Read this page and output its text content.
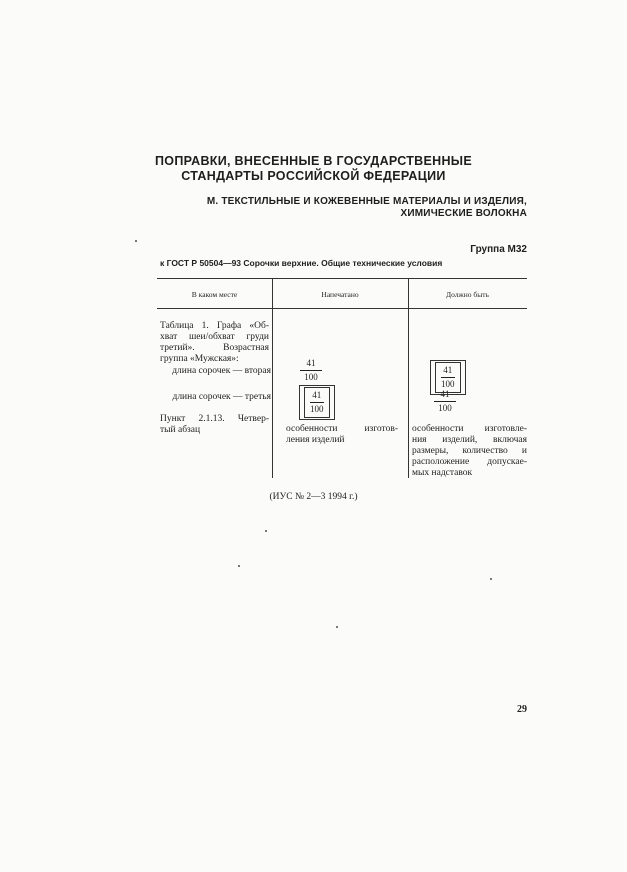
ПОПРАВКИ, ВНЕСЕННЫЕ В ГОСУДАРСТВЕННЫЕ
СТАНДАРТЫ РОССИЙСКОЙ ФЕДЕРАЦИИ
М. ТЕКСТИЛЬНЫЕ И КОЖЕВЕННЫЕ МАТЕРИАЛЫ И ИЗДЕЛИЯ,
ХИМИЧЕСКИЕ ВОЛОКНА
Группа М32
к ГОСТ Р 50504—93 Сорочки верхние. Общие технические условия
В каком месте	Напечатано	Должно быть
Таблица 1. Графа «Об-
хват шеи/обхват груди
третий». Возрастная
группа «Мужская»:
длина сорочек — вторая
длина сорочек — третья
Пункт 2.1.13. Четвер-
тый абзац
41
100
41
100
особенности изготов-
ления изделий
41
100
41
100
особенности изготовле-
ния изделий, включая
размеры, количество и
расположение допускае-
мых надставок
(ИУС № 2—3 1994 г.)
29
